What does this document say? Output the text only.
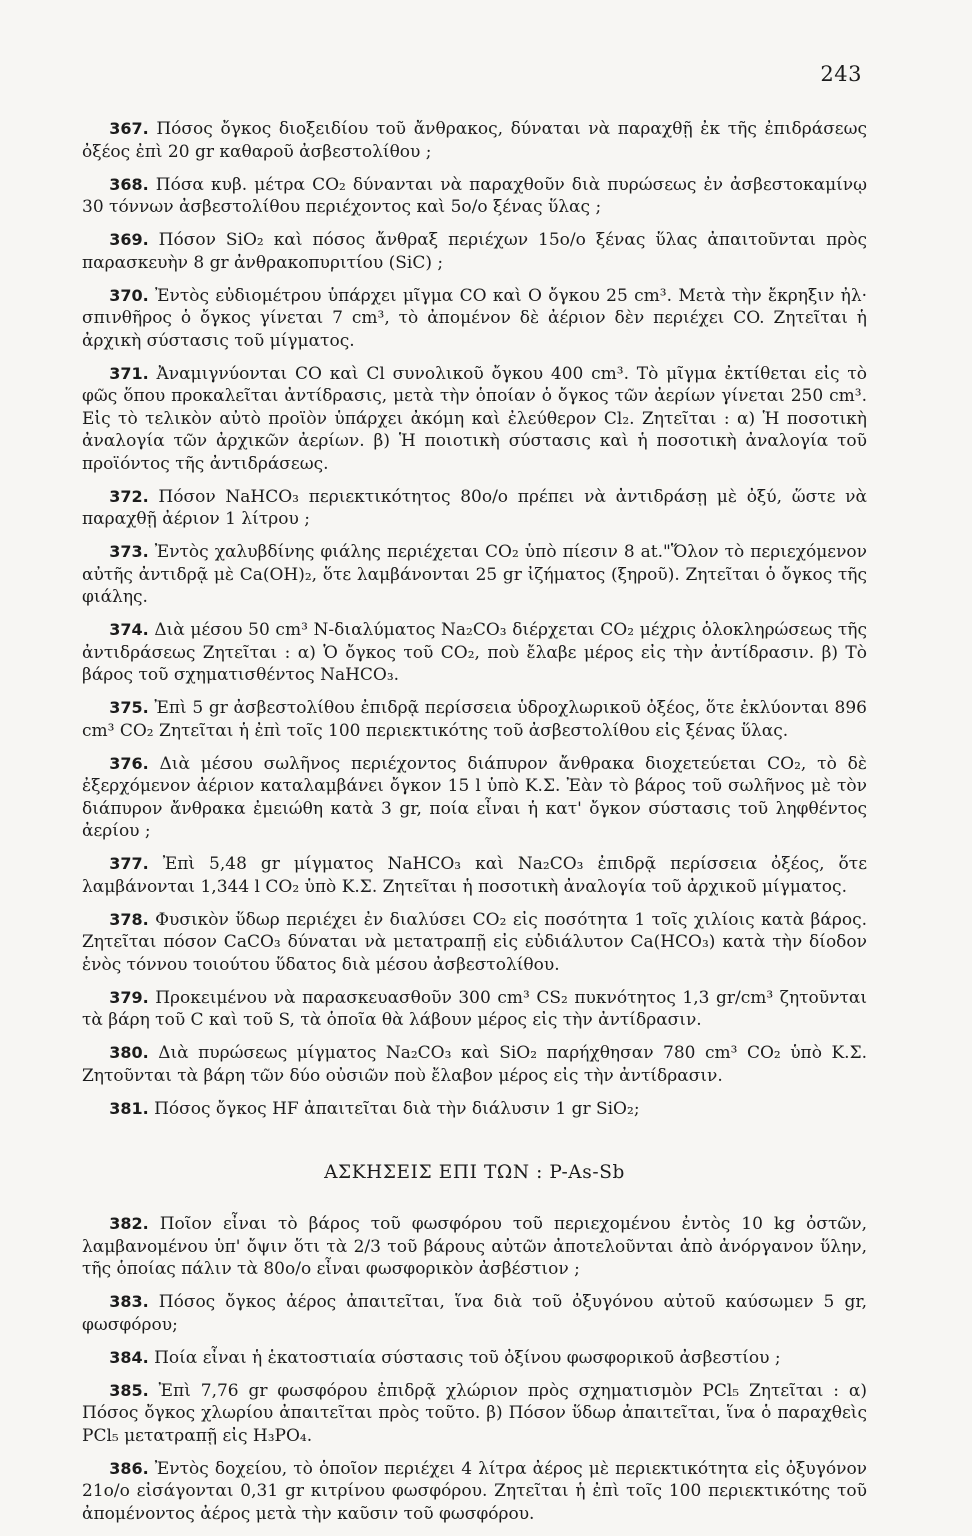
243

367. Πόσος ὄγκος διοξειδίου τοῦ ἄνθρακος, δύναται νὰ παραχθῇ ἐκ τῆς ἐπιδράσεως ὀξέος ἐπὶ 20 gr καθαροῦ ἀσβεστολίθου ;

368. Πόσα κυβ. μέτρα CO₂ δύνανται νὰ παραχθοῦν διὰ πυρώσεως ἐν ἀσβεστοκαμίνῳ 30 τόννων ἀσβεστολίθου περιέχοντος καὶ 5ο/ο ξένας ὕλας ;

369. Πόσον SiO₂ καὶ πόσος ἄνθραξ περιέχων 15ο/ο ξένας ὕλας ἀπαιτοῦνται πρὸς παρασκευὴν 8 gr ἀνθρακοπυριτίου (SiC) ;

370. Ἐντὸς εὐδιομέτρου ὑπάρχει μῖγμα CO καὶ O ὄγκου 25 cm³. Μετὰ τὴν ἔκρηξιν ἠλ· σπινθῆρος ὁ ὄγκος γίνεται 7 cm³, τὸ ἀπομένον δὲ ἀέριον δὲν περιέχει CO. Ζητεῖται ἡ ἀρχικὴ σύστασις τοῦ μίγματος.

371. Ἀναμιγνύονται CO καὶ Cl συνολικοῦ ὄγκου 400 cm³. Τὸ μῖγμα ἐκτίθεται εἰς τὸ φῶς ὅπου προκαλεῖται ἀντίδρασις, μετὰ τὴν ὁποίαν ὁ ὄγκος τῶν ἀερίων γίνεται 250 cm³. Εἰς τὸ τελικὸν αὐτὸ προϊὸν ὑπάρχει ἀκόμη καὶ ἐλεύθερον Cl₂. Ζητεῖται : α) Ἡ ποσοτικὴ ἀναλογία τῶν ἀρχικῶν ἀερίων. β) Ἡ ποιοτικὴ σύστασις καὶ ἡ ποσοτικὴ ἀναλογία τοῦ προϊόντος τῆς ἀντιδράσεως.

372. Πόσον NaHCO₃ περιεκτικότητος 80ο/ο πρέπει νὰ ἀντιδράσῃ μὲ ὀξύ, ὥστε νὰ παραχθῇ ἀέριον 1 λίτρου ;

373. Ἐντὸς χαλυβδίνης φιάλης περιέχεται CO₂ ὑπὸ πίεσιν 8 at."Ὅλον τὸ περιεχόμενον αὐτῆς ἀντιδρᾷ μὲ Ca(OH)₂, ὅτε λαμβάνονται 25 gr ἰζήματος (ξηροῦ). Ζητεῖται ὁ ὄγκος τῆς φιάλης.

374. Διὰ μέσου 50 cm³ N-διαλύματος Na₂CO₃ διέρχεται CO₂ μέχρις ὁλοκληρώσεως τῆς ἀντιδράσεως Ζητεῖται : α) Ὁ ὄγκος τοῦ CO₂, ποὺ ἔλαβε μέρος εἰς τὴν ἀντίδρασιν. β) Τὸ βάρος τοῦ σχηματισθέντος NaHCO₃.

375. Ἐπὶ 5 gr ἀσβεστολίθου ἐπιδρᾷ περίσσεια ὑδροχλωρικοῦ ὀξέος, ὅτε ἐκλύονται 896 cm³ CO₂ Ζητεῖται ἡ ἐπὶ τοῖς 100 περιεκτικότης τοῦ ἀσβεστολίθου εἰς ξένας ὕλας.

376. Διὰ μέσου σωλῆνος περιέχοντος διάπυρον ἄνθρακα διοχετεύεται CO₂, τὸ δὲ ἐξερχόμενον ἀέριον καταλαμβάνει ὄγκον 15 l ὑπὸ Κ.Σ. Ἐὰν τὸ βάρος τοῦ σωλῆνος μὲ τὸν διάπυρον ἄνθρακα ἐμειώθη κατὰ 3 gr, ποία εἶναι ἡ κατ' ὄγκον σύστασις τοῦ ληφθέντος ἀερίου ;

377. Ἐπὶ 5,48 gr μίγματος NaHCO₃ καὶ Na₂CO₃ ἐπιδρᾷ περίσσεια ὀξέος, ὅτε λαμβάνονται 1,344 l CO₂ ὑπὸ Κ.Σ. Ζητεῖται ἡ ποσοτικὴ ἀναλογία τοῦ ἀρχικοῦ μίγματος.

378. Φυσικὸν ὕδωρ περιέχει ἐν διαλύσει CO₂ εἰς ποσότητα 1 τοῖς χιλίοις κατὰ βάρος. Ζητεῖται πόσον CaCO₃ δύναται νὰ μετατραπῇ εἰς εὐδιάλυτον Ca(HCO₃) κατὰ τὴν δίοδον ἑνὸς τόννου τοιούτου ὕδατος διὰ μέσου ἀσβεστολίθου.

379. Προκειμένου νὰ παρασκευασθοῦν 300 cm³ CS₂ πυκνότητος 1,3 gr/cm³ ζητοῦνται τὰ βάρη τοῦ C καὶ τοῦ S, τὰ ὁποῖα θὰ λάβουν μέρος εἰς τὴν ἀντίδρασιν.

380. Διὰ πυρώσεως μίγματος Na₂CO₃ καὶ SiO₂ παρήχθησαν 780 cm³ CO₂ ὑπὸ Κ.Σ. Ζητοῦνται τὰ βάρη τῶν δύο οὐσιῶν ποὺ ἔλαβον μέρος εἰς τὴν ἀντίδρασιν.

381. Πόσος ὄγκος HF ἀπαιτεῖται διὰ τὴν διάλυσιν 1 gr SiO₂;

ΑΣΚΗΣΕΙΣ ΕΠΙ ΤΩΝ : P-As-Sb

382. Ποῖον εἶναι τὸ βάρος τοῦ φωσφόρου τοῦ περιεχομένου ἐντὸς 10 kg ὀστῶν, λαμβανομένου ὑπ' ὄψιν ὅτι τὰ 2/3 τοῦ βάρους αὐτῶν ἀποτελοῦνται ἀπὸ ἀνόργανον ὕλην, τῆς ὁποίας πάλιν τὰ 80ο/ο εἶναι φωσφορικὸν ἀσβέστιον ;

383. Πόσος ὄγκος ἀέρος ἀπαιτεῖται, ἵνα διὰ τοῦ ὀξυγόνου αὐτοῦ καύσωμεν 5 gr, φωσφόρου;

384. Ποία εἶναι ἡ ἑκατοστιαία σύστασις τοῦ ὀξίνου φωσφορικοῦ ἀσβεστίου ;

385. Ἐπὶ 7,76 gr φωσφόρου ἐπιδρᾷ χλώριον πρὸς σχηματισμὸν PCl₅ Ζητεῖται : α) Πόσος ὄγκος χλωρίου ἀπαιτεῖται πρὸς τοῦτο. β) Πόσον ὕδωρ ἀπαιτεῖται, ἵνα ὁ παραχθεὶς PCl₅ μετατραπῇ εἰς H₃PO₄.

386. Ἐντὸς δοχείου, τὸ ὁποῖον περιέχει 4 λίτρα ἀέρος μὲ περιεκτικότητα εἰς ὀξυγόνον 21ο/ο εἰσάγονται 0,31 gr κιτρίνου φωσφόρου. Ζητεῖται ἡ ἐπὶ τοῖς 100 περιεκτικότης τοῦ ἀπομένοντος ἀέρος μετὰ τὴν καῦσιν τοῦ φωσφόρου.
